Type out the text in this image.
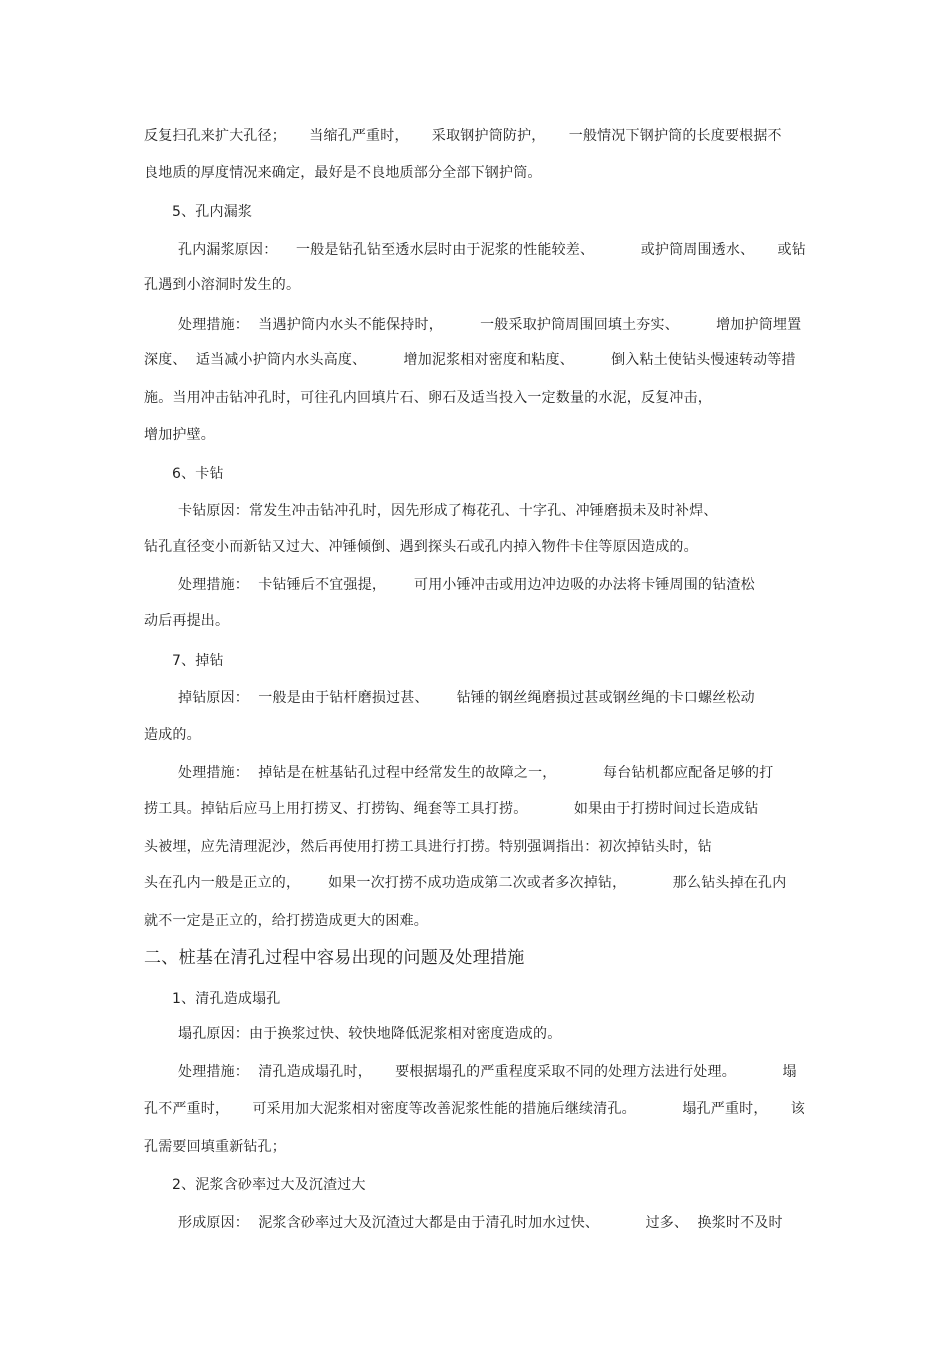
反复扫孔来扩大孔径；     当缩孔严重时，     采取钢护筒防护，     一般情况下钢护筒的长度要根据不
良地质的厚度情况来确定，最好是不良地质部分全部下钢护筒。
5、孔内漏浆
孔内漏浆原因：    一般是钻孔钻至透水层时由于泥浆的性能较差、          或护筒周围透水、     或钻
孔遇到小溶洞时发生的。
处理措施：  当遇护筒内水头不能保持时，        一般采取护筒周围回填土夯实、        增加护筒埋置
深度、  适当减小护筒内水头高度、        增加泥浆相对密度和粘度、        倒入粘土使钻头慢速转动等措
施。当用冲击钻冲孔时，可往孔内回填片石、卵石及适当投入一定数量的水泥，反复冲击，
增加护壁。
6、卡钻
卡钻原因：常发生冲击钻冲孔时，因先形成了梅花孔、十字孔、冲锤磨损未及时补焊、
钻孔直径变小而新钻又过大、冲锤倾倒、遇到探头石或孔内掉入物件卡住等原因造成的。
处理措施：  卡钻锤后不宜强提，      可用小锤冲击或用边冲边吸的办法将卡锤周围的钻渣松
动后再提出。
7、掉钻
掉钻原因：  一般是由于钻杆磨损过甚、      钻锤的钢丝绳磨损过甚或钢丝绳的卡口螺丝松动
造成的。
处理措施：  掉钻是在桩基钻孔过程中经常发生的故障之一，          每台钻机都应配备足够的打
捞工具。掉钻后应马上用打捞叉、打捞钩、绳套等工具打捞。          如果由于打捞时间过长造成钻
头被埋，应先清理泥沙，然后再使用打捞工具进行打捞。特别强调指出：初次掉钻头时，钻
头在孔内一般是正立的，      如果一次打捞不成功造成第二次或者多次掉钻，          那么钻头掉在孔内
就不一定是正立的，给打捞造成更大的困难。
二、桩基在清孔过程中容易出现的问题及处理措施
1、清孔造成塌孔
塌孔原因：由于换浆过快、较快地降低泥浆相对密度造成的。
处理措施：  清孔造成塌孔时，     要根据塌孔的严重程度采取不同的处理方法进行处理。          塌
孔不严重时，     可采用加大泥浆相对密度等改善泥浆性能的措施后继续清孔。          塌孔严重时，     该
孔需要回填重新钻孔；
2、泥浆含砂率过大及沉渣过大
形成原因：  泥浆含砂率过大及沉渣过大都是由于清孔时加水过快、          过多、  换浆时不及时
